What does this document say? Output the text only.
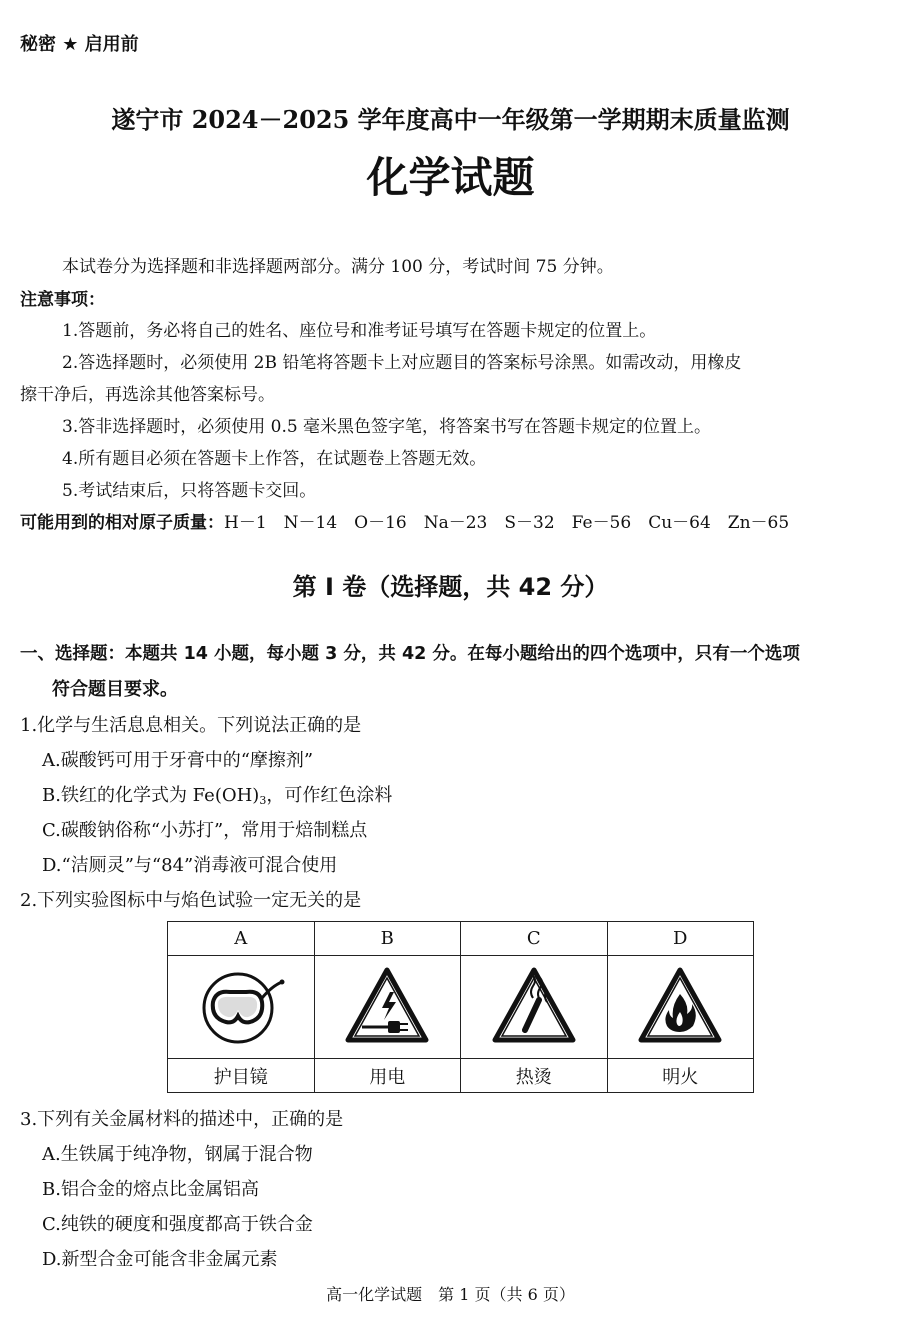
秘密 ★ 启用前
遂宁市 2024－2025 学年度高中一年级第一学期期末质量监测
化学试题
本试卷分为选择题和非选择题两部分。满分 100 分，考试时间 75 分钟。
注意事项：
1.答题前，务必将自己的姓名、座位号和准考证号填写在答题卡规定的位置上。
2.答选择题时，必须使用 2B 铅笔将答题卡上对应题目的答案标号涂黑。如需改动，用橡皮
擦干净后，再选涂其他答案标号。
3.答非选择题时，必须使用 0.5 毫米黑色签字笔，将答案书写在答题卡规定的位置上。
4.所有题目必须在答题卡上作答，在试题卷上答题无效。
5.考试结束后，只将答题卡交回。
可能用到的相对原子质量：H－1　N－14　O－16　Na－23　S－32　Fe－56　Cu－64　Zn－65
第 Ⅰ 卷（选择题，共 42 分）
一、选择题：本题共 14 小题，每小题 3 分，共 42 分。在每小题给出的四个选项中，只有一个选项
符合题目要求。
1.化学与生活息息相关。下列说法正确的是
A.碳酸钙可用于牙膏中的“摩擦剂”
B.铁红的化学式为 $Fe(OH)_3$，可作红色涂料
C.碳酸钠俗称“小苏打”，常用于焙制糕点
D.“洁厕灵”与“84”消毒液可混合使用
2.下列实验图标中与焰色试验一定无关的是
A	B	C	D

护目镜	用电	热烫	明火
3.下列有关金属材料的描述中，正确的是
A.生铁属于纯净物，钢属于混合物
B.铝合金的熔点比金属铝高
C.纯铁的硬度和强度都高于铁合金
D.新型合金可能含非金属元素
高一化学试题　第 1 页（共 6 页）
